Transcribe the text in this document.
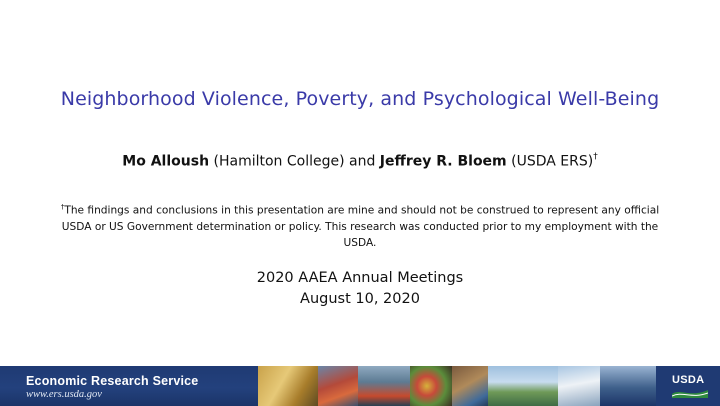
Neighborhood Violence, Poverty, and Psychological Well-Being
Mo Alloush (Hamilton College) and Jeffrey R. Bloem (USDA ERS)†
†The findings and conclusions in this presentation are mine and should not be construed to represent any official USDA or US Government determination or policy. This research was conducted prior to my employment with the USDA.
2020 AAEA Annual Meetings
August 10, 2020
Economic Research Service
www.ers.usda.gov
USDA
